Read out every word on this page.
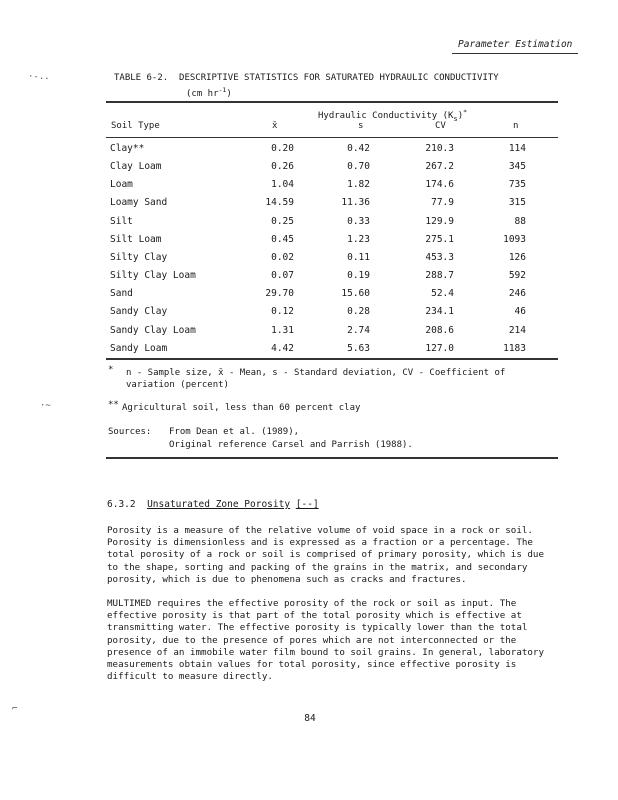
Parameter Estimation
TABLE 6-2. DESCRIPTIVE STATISTICS FOR SATURATED HYDRAULIC CONDUCTIVITY
(cm $hr^{-1}$)
Hydraulic Conductivity $(K_s)^*$
Soil Type	x̄	s	CV	n
Clay**	0.20	0.42	210.3	114
Clay Loam	0.26	0.70	267.2	345
Loam	1.04	1.82	174.6	735
Loamy Sand	14.59	11.36	77.9	315
Silt	0.25	0.33	129.9	88
Silt Loam	0.45	1.23	275.1	1093
Silty Clay	0.02	0.11	453.3	126
Silty Clay Loam	0.07	0.19	288.7	592
Sand	29.70	15.60	52.4	246
Sandy Clay	0.12	0.28	234.1	46
Sandy Clay Loam	1.31	2.74	208.6	214
Sandy Loam	4.42	5.63	127.0	1183
* n - Sample size, x̄ - Mean, s - Standard deviation, CV - Coefficient of
variation (percent)
** Agricultural soil, less than 60 percent clay
Sources: From Dean et al. (1989),
Original reference Carsel and Parrish (1988).
6.3.2 Unsaturated Zone Porosity [--]
Porosity is a measure of the relative volume of void space in a rock or soil.
Porosity is dimensionless and is expressed as a fraction or a percentage. The
total porosity of a rock or soil is comprised of primary porosity, which is due
to the shape, sorting and packing of the grains in the matrix, and secondary
porosity, which is due to phenomena such as cracks and fractures.
MULTIMED requires the effective porosity of the rock or soil as input. The
effective porosity is that part of the total porosity which is effective at
transmitting water. The effective porosity is typically lower than the total
porosity, due to the presence of pores which are not interconnected or the
presence of an immobile water film bound to soil grains. In general, laboratory
measurements obtain values for total porosity, since effective porosity is
difficult to measure directly.
84
·-..
·~
⌐
